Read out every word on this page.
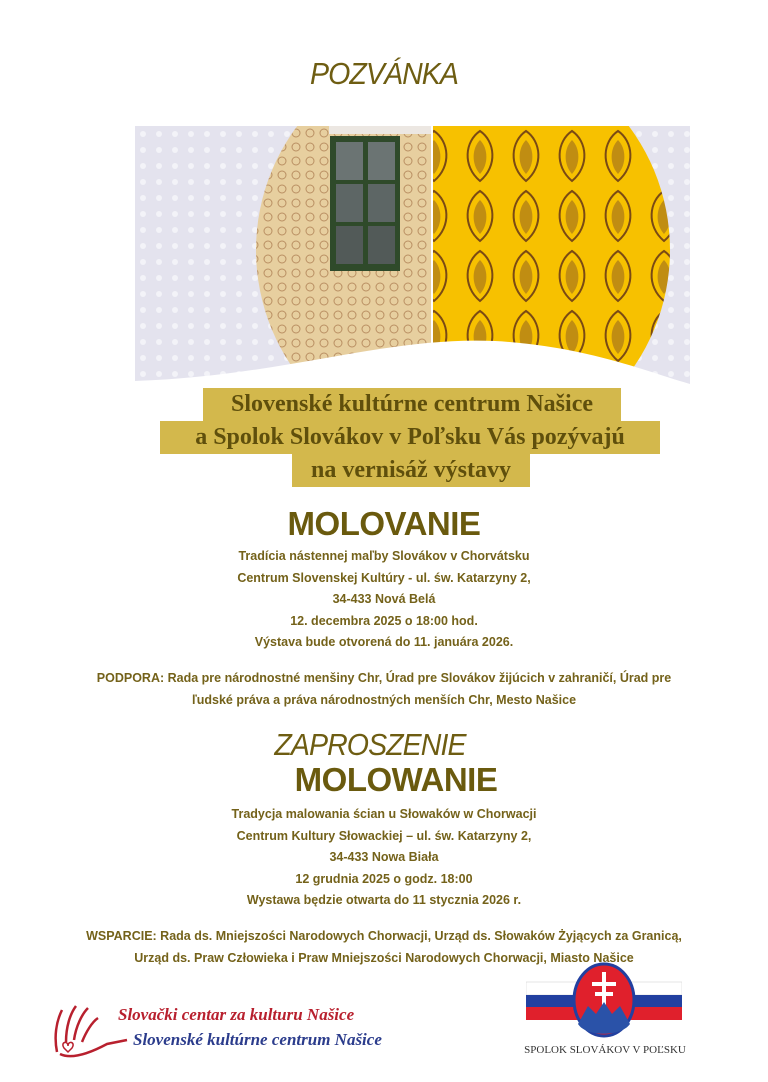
POZVÁNKA
Slovenské kultúrne centrum Našice
a Spolok Slovákov v Poľsku Vás pozývajú
na vernisáž výstavy
MOLOVANIE
Tradícia nástennej maľby Slovákov v Chorvátsku
Centrum Slovenskej Kultúry - ul. św. Katarzyny 2,
34-433 Nová Belá
12. decembra 2025 o 18:00 hod.
Výstava bude otvorená do 11. januára 2026.
PODPORA: Rada pre národnostné menšiny Chr, Úrad pre Slovákov žijúcich v zahraničí, Úrad pre
ľudské práva a práva národnostných menších Chr, Mesto Našice
ZAPROSZENIE
MOLOWANIE
Tradycja malowania ścian u Słowaków w Chorwacji
Centrum Kultury Słowackiej – ul. św. Katarzyny 2,
34-433 Nowa Biała
12 grudnia 2025 o godz. 18:00
Wystawa będzie otwarta do 11 stycznia 2026 r.
WSPARCIE: Rada ds. Mniejszości Narodowych Chorwacji, Urząd ds. Słowaków Żyjących za Granicą,
Urząd ds. Praw Człowieka i Praw Mniejszości Narodowych Chorwacji, Miasto Našice
Slovački centar za kulturu Našice
Slovenské kultúrne centrum Našice
SPOLOK SLOVÁKOV V POĽSKU
